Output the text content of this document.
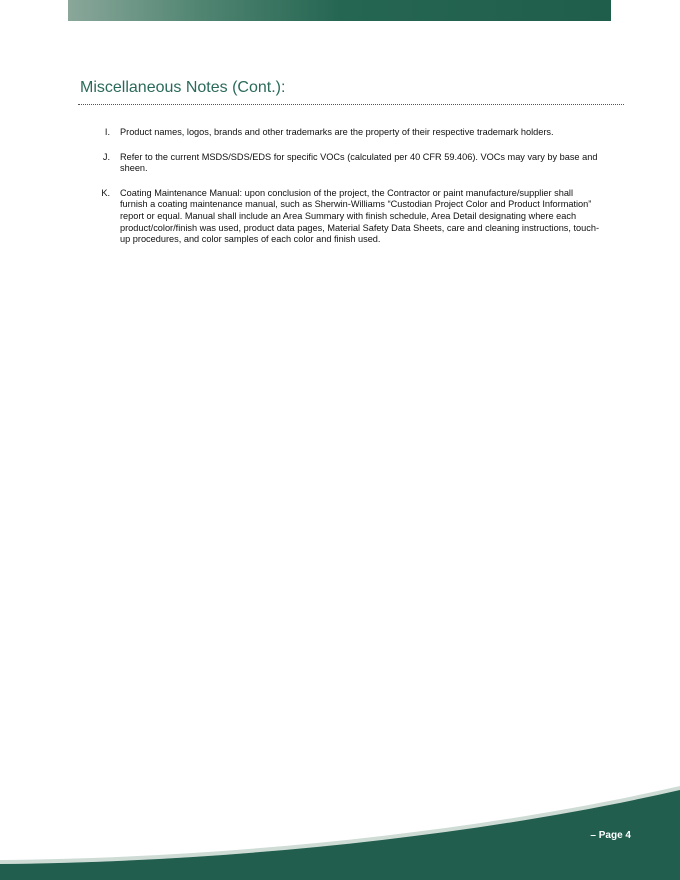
Miscellaneous Notes (Cont.):
I. Product names, logos, brands and other trademarks are the property of their respective trademark holders.
J. Refer to the current MSDS/SDS/EDS for specific VOCs (calculated per 40 CFR 59.406). VOCs may vary by base and sheen.
K. Coating Maintenance Manual: upon conclusion of the project, the Contractor or paint manufacture/supplier shall furnish a coating maintenance manual, such as Sherwin-Williams “Custodian Project Color and Product Information” report or equal. Manual shall include an Area Summary with finish schedule, Area Detail designating where each product/color/finish was used, product data pages, Material Safety Data Sheets, care and cleaning instructions, touch-up procedures, and color samples of each color and finish used.
– Page 4
